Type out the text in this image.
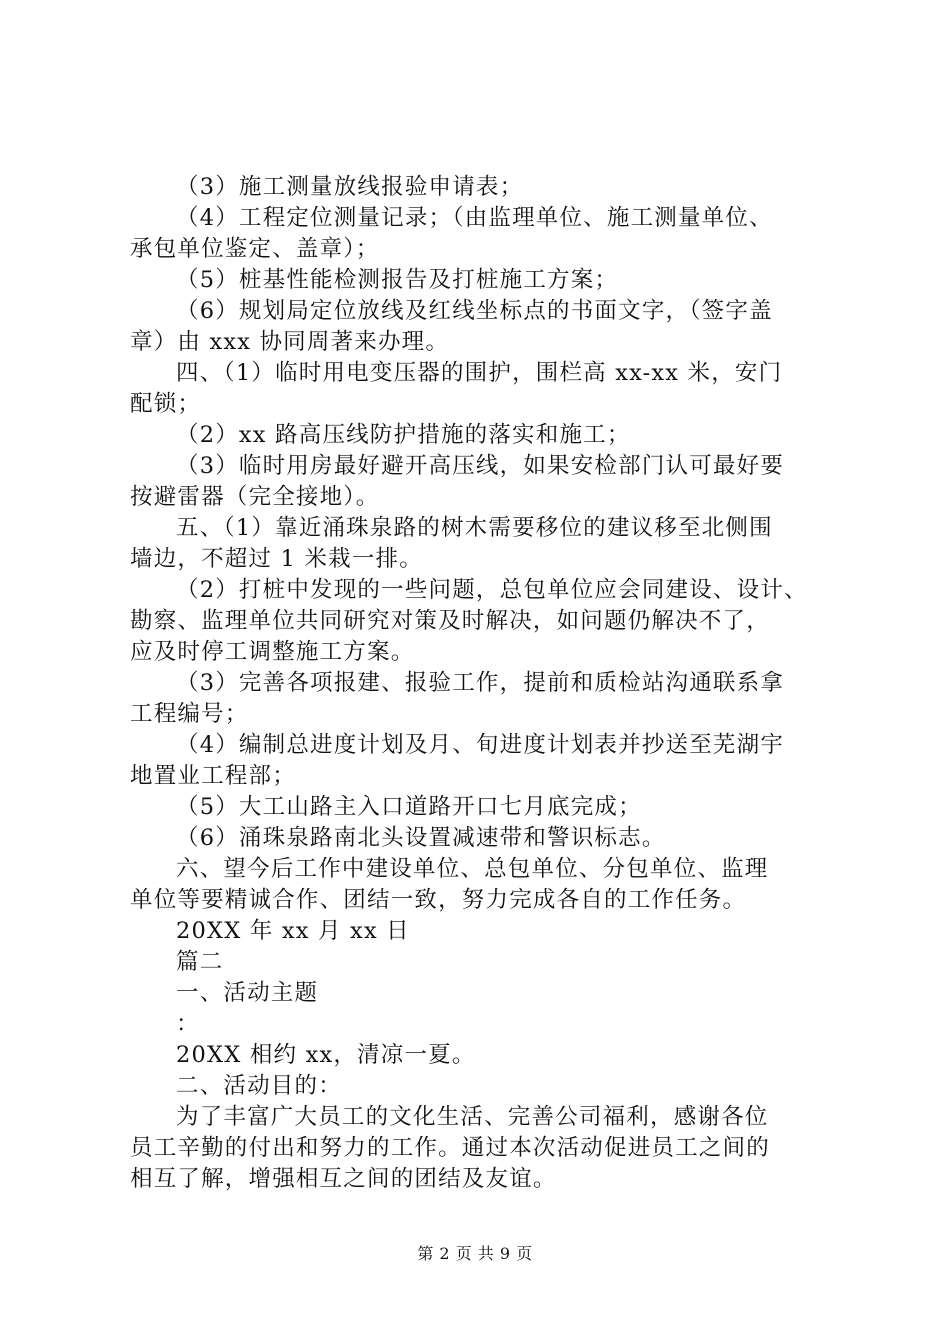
（3）施工测量放线报验申请表；
（4）工程定位测量记录；（由监理单位、施工测量单位、
承包单位鉴定、盖章）；
（5）桩基性能检测报告及打桩施工方案；
（6）规划局定位放线及红线坐标点的书面文字，（签字盖
章）由 xxx 协同周著来办理。
四、（1）临时用电变压器的围护，围栏高 xx-xx 米，安门
配锁；
（2）xx 路高压线防护措施的落实和施工；
（3）临时用房最好避开高压线，如果安检部门认可最好要
按避雷器（完全接地）。
五、（1）靠近涌珠泉路的树木需要移位的建议移至北侧围
墙边，不超过 1 米栽一排。
（2）打桩中发现的一些问题，总包单位应会同建设、设计、
勘察、监理单位共同研究对策及时解决，如问题仍解决不了，
应及时停工调整施工方案。
（3）完善各项报建、报验工作，提前和质检站沟通联系拿
工程编号；
（4）编制总进度计划及月、旬进度计划表并抄送至芜湖宇
地置业工程部；
（5）大工山路主入口道路开口七月底完成；
（6）涌珠泉路南北头设置减速带和警识标志。
六、望今后工作中建设单位、总包单位、分包单位、监理
单位等要精诚合作、团结一致，努力完成各自的工作任务。
20XX 年 xx 月 xx 日
篇二
一、活动主题
：
20XX 相约 xx，清凉一夏。
二、活动目的：
为了丰富广大员工的文化生活、完善公司福利，感谢各位
员工辛勤的付出和努力的工作。通过本次活动促进员工之间的
相互了解，增强相互之间的团结及友谊。
第 2 页 共 9 页
